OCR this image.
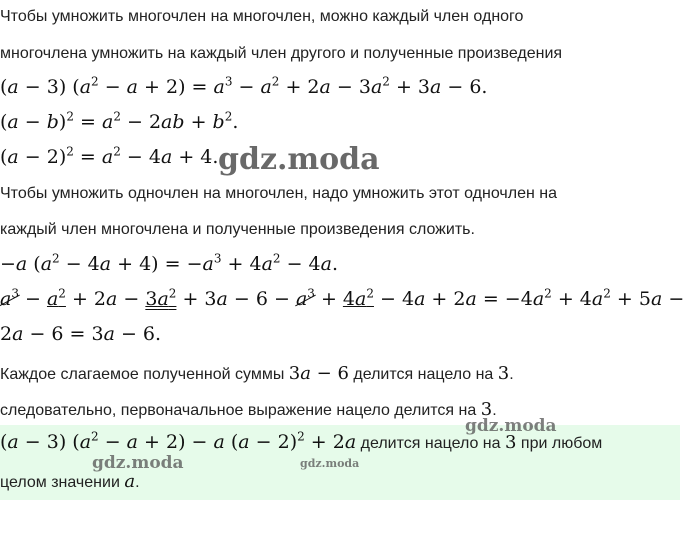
Чтобы умножить многочлен на многочлен, можно каждый член одного
многочлена умножить на каждый член другого и полученные произведения
(a − 3) $(a^2 - a + 2) = a^3 - a^2 + 2a - 3a^2 + 3a - 6$.
$(a - b)^2 = a^2 - 2ab + b^2$.
$(a - 2)^2 = a^2 - 4a + 4$. gdz.moda
Чтобы умножить одночлен на многочлен, надо умножить этот одночлен на
каждый член многочлена и полученные произведения сложить.
−a $(a^2 - 4a + 4) = -a^3 + 4a^2 - 4a$.
$a^3 - a^2 + 2a - 3a^2 + 3a - 6 - a^3 + 4a^2 - 4a + 2a = -4a^2 + 4a^2 + 5a$ −
2a − 6 = 3a − 6.
Каждое слагаемое полученной суммы 3a − 6 делится нацело на 3.
следовательно, первоначальное выражение нацело делится на 3.
(a − 3) $(a^2 - a + 2) - a$ $(a - 2)^2 + 2a$ делится нацело на 3 при любом
целом значении a.
gdz.moda
gdz.moda	gdz.moda
